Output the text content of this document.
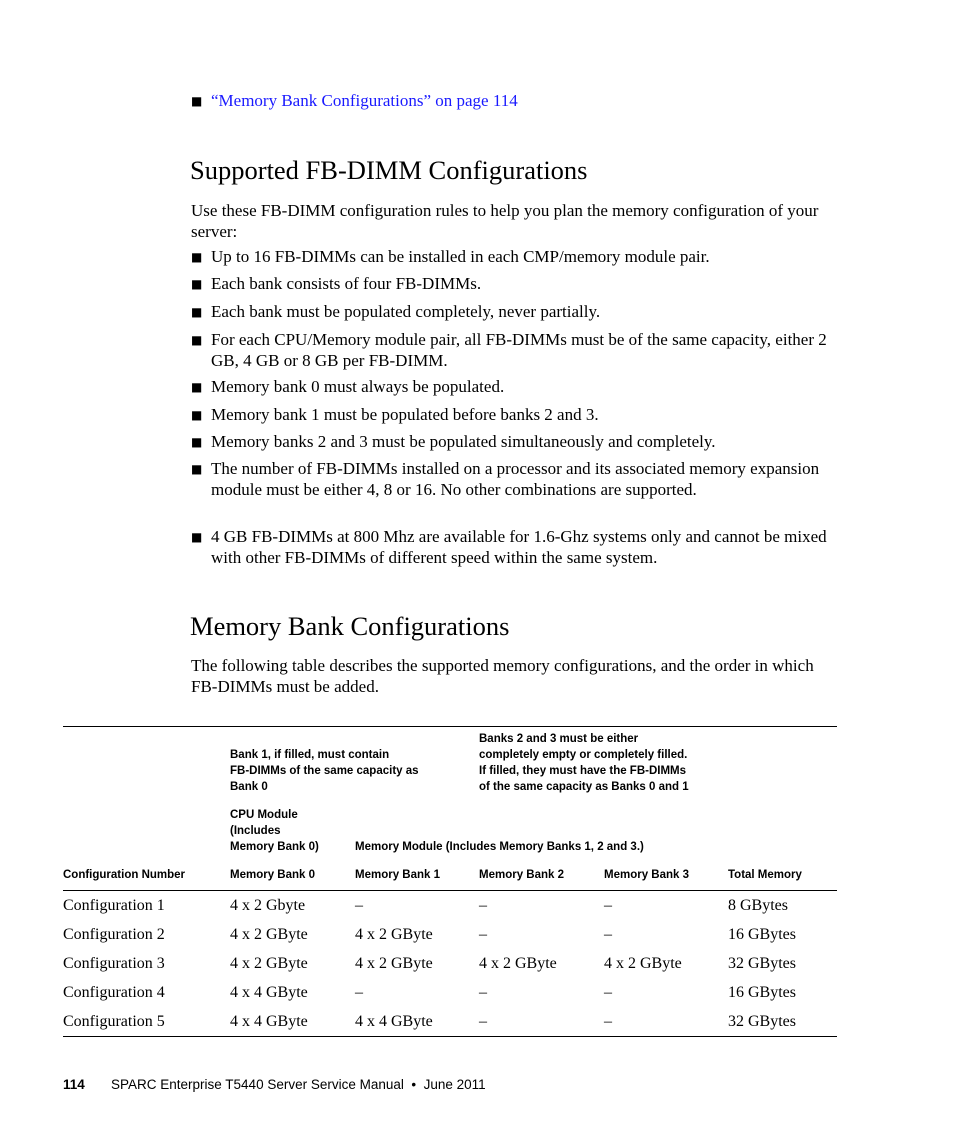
■ “Memory Bank Configurations” on page 114
Supported FB-DIMM Configurations
Use these FB-DIMM configuration rules to help you plan the memory configuration of your server:
■ Up to 16 FB-DIMMs can be installed in each CMP/memory module pair.
■ Each bank consists of four FB-DIMMs.
■ Each bank must be populated completely, never partially.
■ For each CPU/Memory module pair, all FB-DIMMs must be of the same capacity, either 2 GB, 4 GB or 8 GB per FB-DIMM.
■ Memory bank 0 must always be populated.
■ Memory bank 1 must be populated before banks 2 and 3.
■ Memory banks 2 and 3 must be populated simultaneously and completely.
■ The number of FB-DIMMs installed on a processor and its associated memory expansion module must be either 4, 8 or 16. No other combinations are supported.
■ 4 GB FB-DIMMs at 800 Mhz are available for 1.6-Ghz systems only and cannot be mixed with other FB-DIMMs of different speed within the same system.
Memory Bank Configurations
The following table describes the supported memory configurations, and the order in which FB-DIMMs must be added.
Bank 1, if filled, must contain
FB-DIMMs of the same capacity as
Bank 0
Banks 2 and 3 must be either
completely empty or completely filled.
If filled, they must have the FB-DIMMs
of the same capacity as Banks 0 and 1
CPU Module
(Includes
Memory Bank 0)	Memory Module (Includes Memory Banks 1, 2 and 3.)
Configuration Number	Memory Bank 0	Memory Bank 1	Memory Bank 2	Memory Bank 3	Total Memory
Configuration 1	4 x 2 Gbyte	–	–	–	8 GBytes
Configuration 2	4 x 2 GByte	4 x 2 GByte	–	–	16 GBytes
Configuration 3	4 x 2 GByte	4 x 2 GByte	4 x 2 GByte	4 x 2 GByte	32 GBytes
Configuration 4	4 x 4 GByte	–	–	–	16 GBytes
Configuration 5	4 x 4 GByte	4 x 4 GByte	–	–	32 GBytes
114 SPARC Enterprise T5440 Server Service Manual  •  June 2011
